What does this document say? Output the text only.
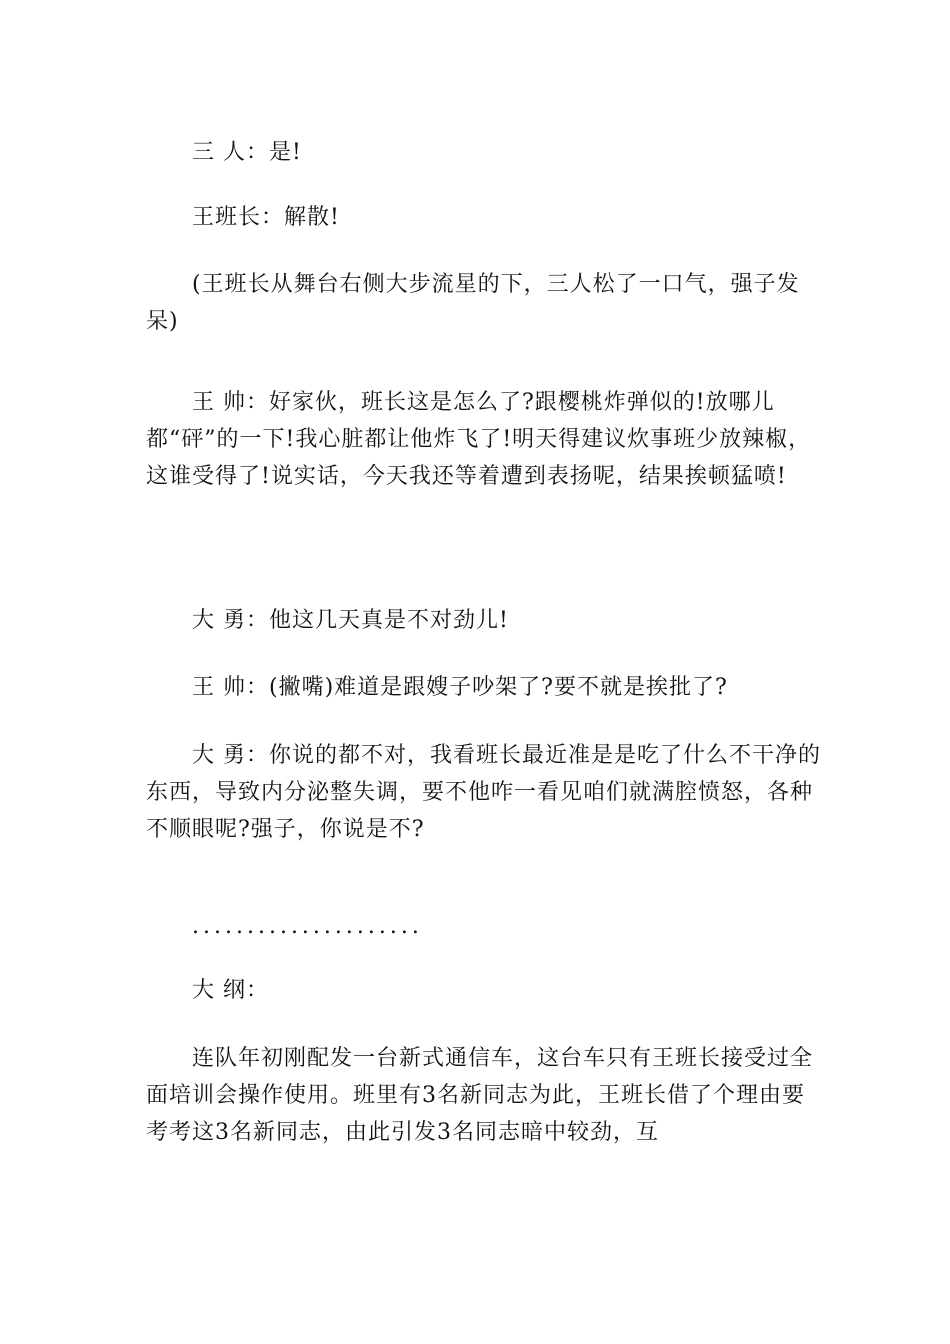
三 人：是!

王班长：解散!

(王班长从舞台右侧大步流星的下，三人松了一口气，强子发呆)

王 帅：好家伙，班长这是怎么了?跟樱桃炸弹似的!放哪儿都“砰”的一下!我心脏都让他炸飞了!明天得建议炊事班少放辣椒，这谁受得了!说实话，今天我还等着遭到表扬呢，结果挨顿猛喷!

大 勇：他这几天真是不对劲儿!

王 帅：(撇嘴)难道是跟嫂子吵架了?要不就是挨批了?

大 勇：你说的都不对，我看班长最近准是是吃了什么不干净的东西，导致内分泌整失调，要不他咋一看见咱们就满腔愤怒，各种不顺眼呢?强子，你说是不?

.....................

大 纲：

连队年初刚配发一台新式通信车，这台车只有王班长接受过全面培训会操作使用。班里有3名新同志为此，王班长借了个理由要考考这3名新同志，由此引发3名同志暗中较劲，互
